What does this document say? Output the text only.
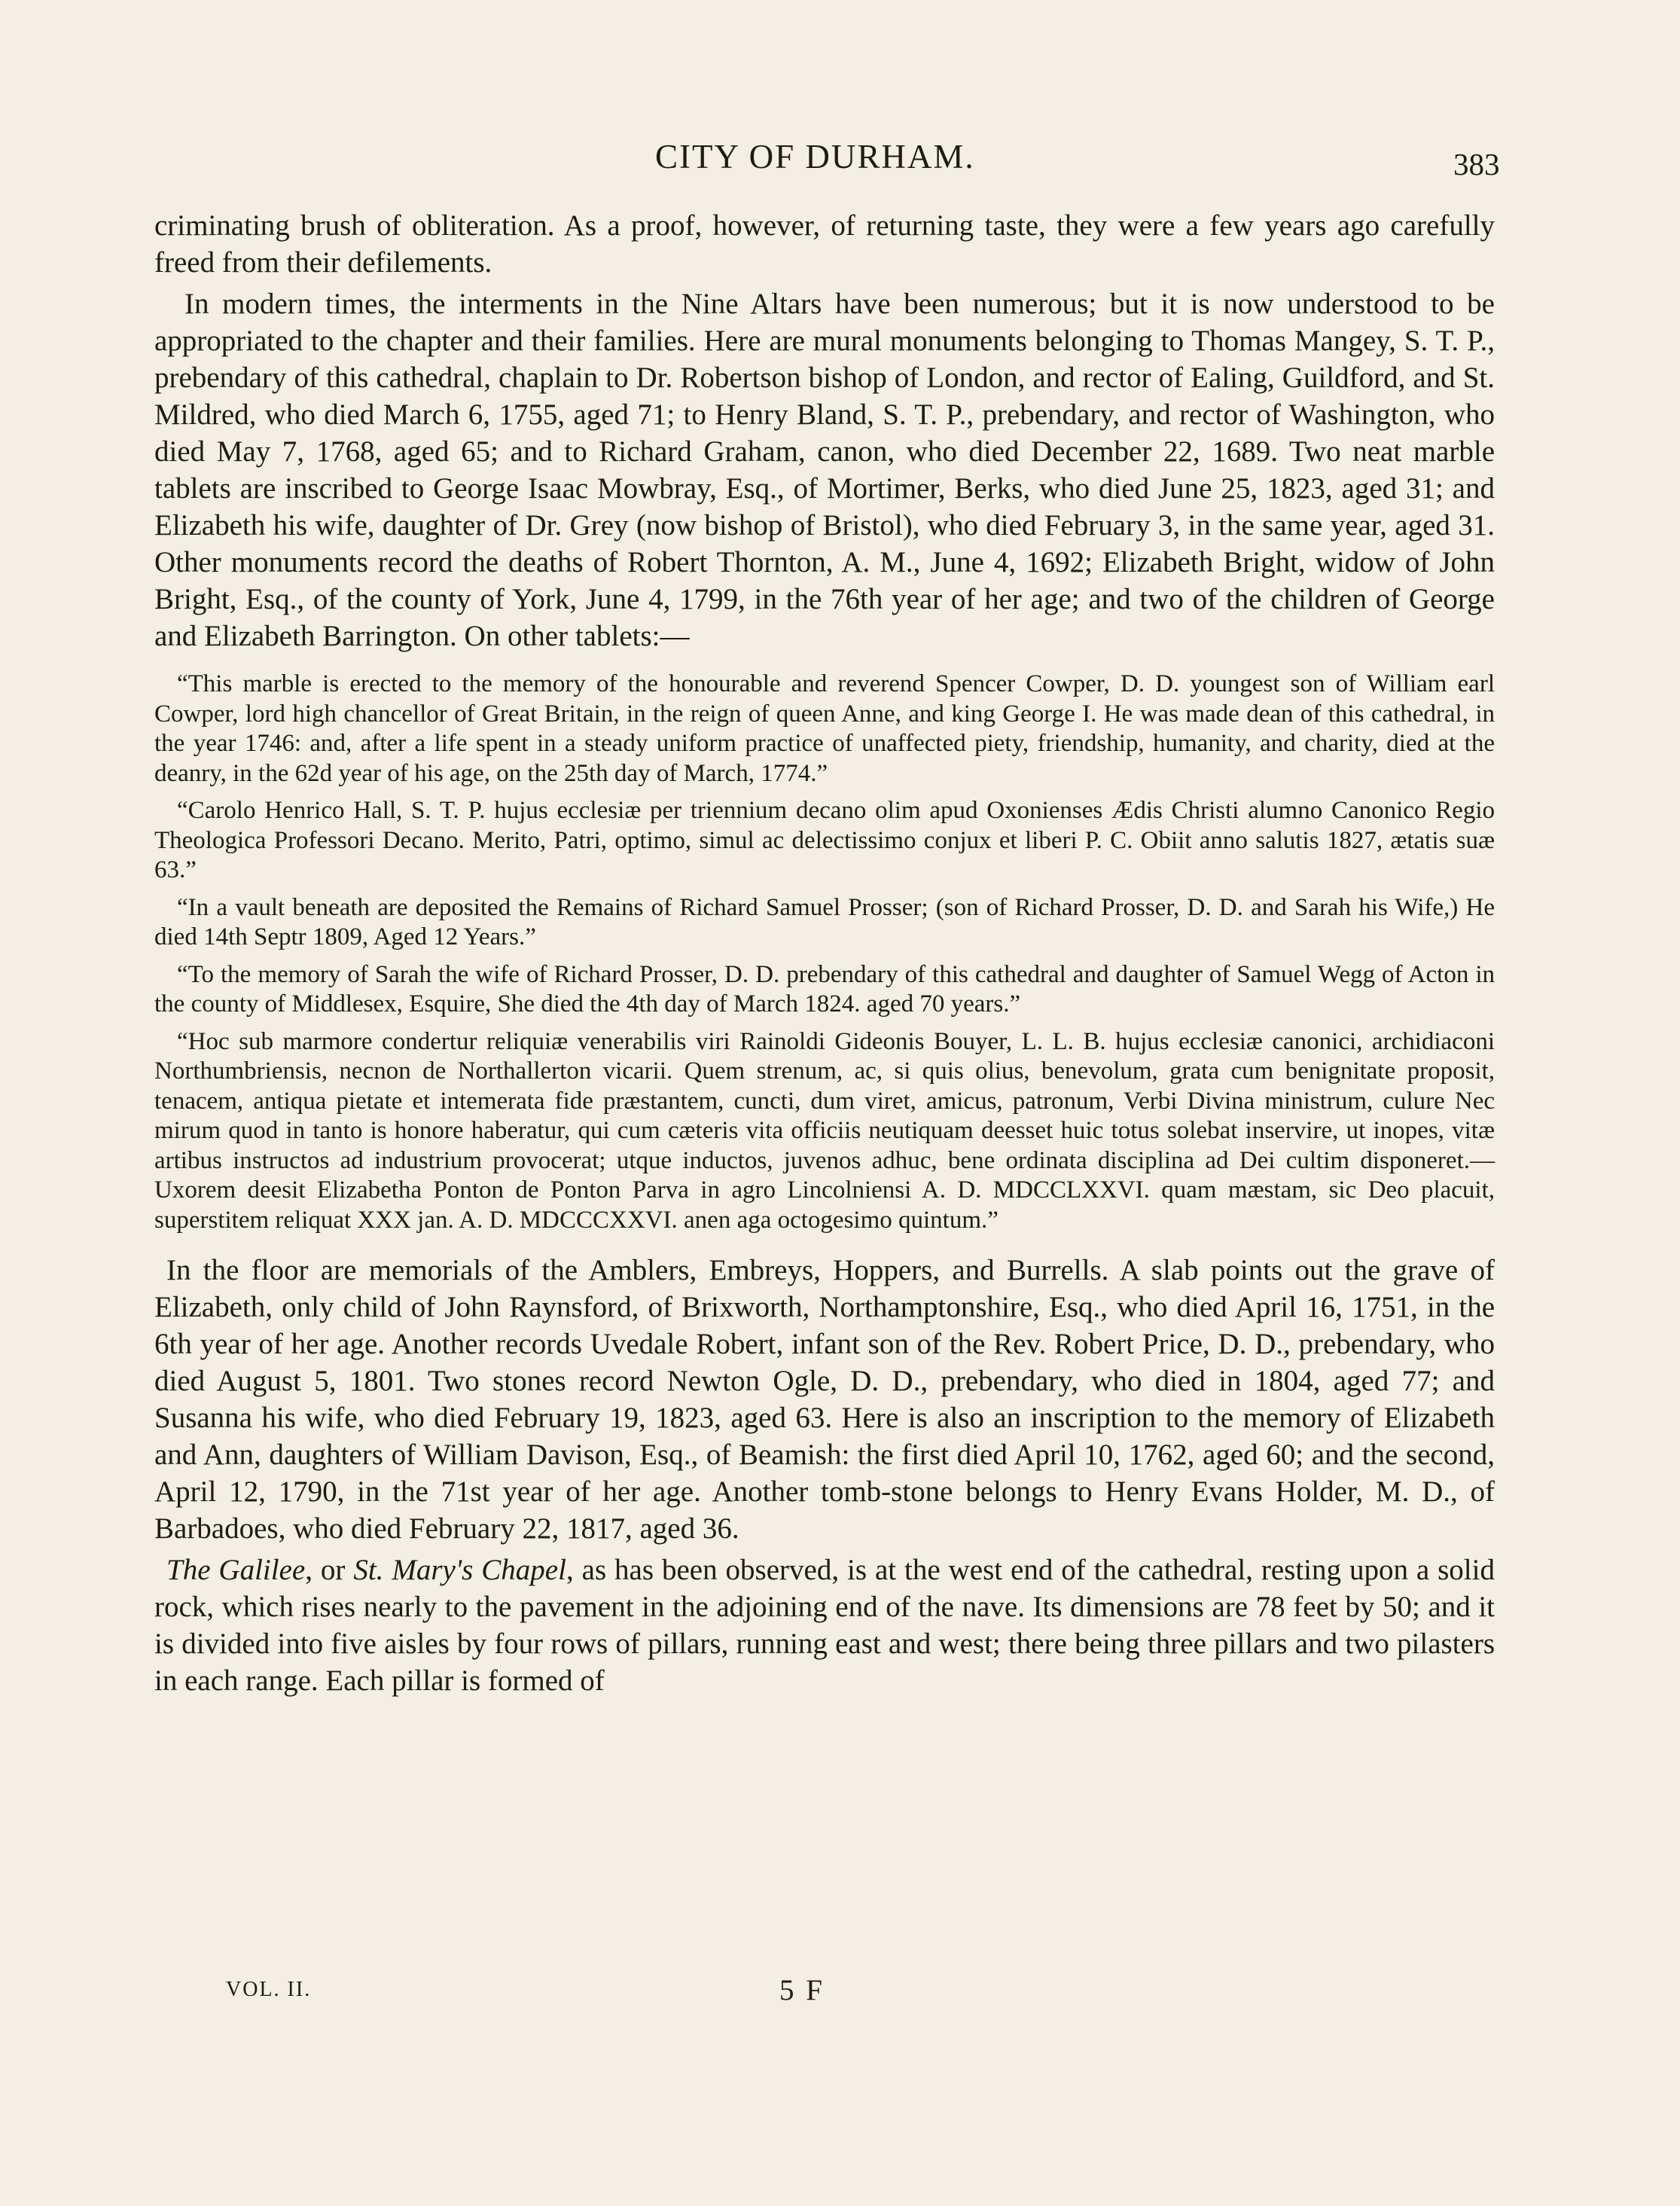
CITY OF DURHAM.	383

criminating brush of obliteration. As a proof, however, of returning taste, they were a few years ago carefully freed from their defilements.

In modern times, the interments in the Nine Altars have been numerous; but it is now understood to be appropriated to the chapter and their families. Here are mural monuments belonging to Thomas Mangey, S. T. P., prebendary of this cathedral, chaplain to Dr. Robertson bishop of London, and rector of Ealing, Guildford, and St. Mildred, who died March 6, 1755, aged 71; to Henry Bland, S. T. P., prebendary, and rector of Washington, who died May 7, 1768, aged 65; and to Richard Graham, canon, who died December 22, 1689. Two neat marble tablets are inscribed to George Isaac Mowbray, Esq., of Mortimer, Berks, who died June 25, 1823, aged 31; and Elizabeth his wife, daughter of Dr. Grey (now bishop of Bristol), who died February 3, in the same year, aged 31. Other monuments record the deaths of Robert Thornton, A. M., June 4, 1692; Elizabeth Bright, widow of John Bright, Esq., of the county of York, June 4, 1799, in the 76th year of her age; and two of the children of George and Elizabeth Barrington. On other tablets:—

“This marble is erected to the memory of the honourable and reverend Spencer Cowper, D. D. youngest son of William earl Cowper, lord high chancellor of Great Britain, in the reign of queen Anne, and king George I. He was made dean of this cathedral, in the year 1746: and, after a life spent in a steady uniform practice of unaffected piety, friendship, humanity, and charity, died at the deanry, in the 62d year of his age, on the 25th day of March, 1774.”

“Carolo Henrico Hall, S. T. P. hujus ecclesiæ per triennium decano olim apud Oxonienses Ædis Christi alumno Canonico Regio Theologica Professori Decano. Merito, Patri, optimo, simul ac delectissimo conjux et liberi P. C. Obiit anno salutis 1827, ætatis suæ 63.”

“In a vault beneath are deposited the Remains of Richard Samuel Prosser; (son of Richard Prosser, D. D. and Sarah his Wife,) He died 14th Septr 1809, Aged 12 Years.”

“To the memory of Sarah the wife of Richard Prosser, D. D. prebendary of this cathedral and daughter of Samuel Wegg of Acton in the county of Middlesex, Esquire, She died the 4th day of March 1824. aged 70 years.”

“Hoc sub marmore condertur reliquiæ venerabilis viri Rainoldi Gideonis Bouyer, L. L. B. hujus ecclesiæ canonici, archidiaconi Northumbriensis, necnon de Northallerton vicarii. Quem strenum, ac, si quis olius, benevolum, grata cum benignitate proposit, tenacem, antiqua pietate et intemerata fide præstantem, cuncti, dum viret, amicus, patronum, Verbi Divina ministrum, culure Nec mirum quod in tanto is honore haberatur, qui cum cæteris vita officiis neutiquam deesset huic totus solebat inservire, ut inopes, vitæ artibus instructos ad industrium provocerat; utque inductos, juvenos adhuc, bene ordinata disciplina ad Dei cultim disponeret.—Uxorem deesit Elizabetha Ponton de Ponton Parva in agro Lincolniensi A. D. MDCCLXXVI. quam mæstam, sic Deo placuit, superstitem reliquat XXX jan. A. D. MDCCCXXVI. anen aga octogesimo quintum.”

In the floor are memorials of the Amblers, Embreys, Hoppers, and Burrells. A slab points out the grave of Elizabeth, only child of John Raynsford, of Brixworth, Northamptonshire, Esq., who died April 16, 1751, in the 6th year of her age. Another records Uvedale Robert, infant son of the Rev. Robert Price, D. D., prebendary, who died August 5, 1801. Two stones record Newton Ogle, D. D., prebendary, who died in 1804, aged 77; and Susanna his wife, who died February 19, 1823, aged 63. Here is also an inscription to the memory of Elizabeth and Ann, daughters of William Davison, Esq., of Beamish: the first died April 10, 1762, aged 60; and the second, April 12, 1790, in the 71st year of her age. Another tomb-stone belongs to Henry Evans Holder, M. D., of Barbadoes, who died February 22, 1817, aged 36.

The Galilee, or St. Mary's Chapel, as has been observed, is at the west end of the cathedral, resting upon a solid rock, which rises nearly to the pavement in the adjoining end of the nave. Its dimensions are 78 feet by 50; and it is divided into five aisles by four rows of pillars, running east and west; there being three pillars and two pilasters in each range. Each pillar is formed of

VOL. II.	5 F
